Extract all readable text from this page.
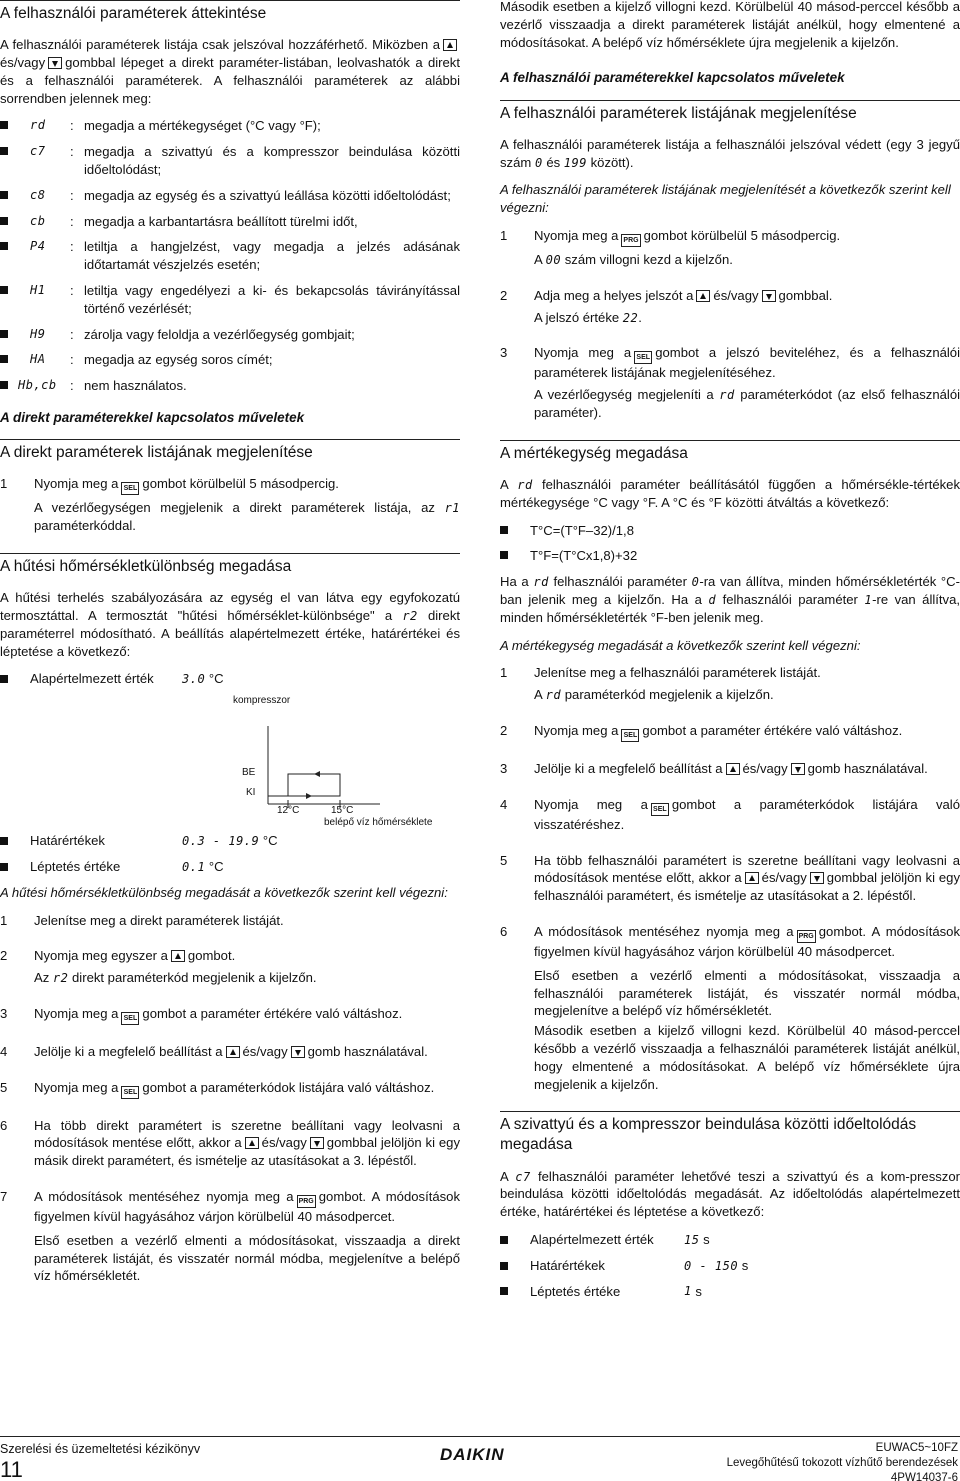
A felhasználói paraméterek áttekintése

A felhasználói paraméterek listája csak jelszóval hozzáférhető. Miközben aés/vagy gombbal lépeget a direkt paraméter-listában, leolvashatók a direkt és a felhasználói paraméterek. A felhasználói paraméterek az alábbi sorrendben jelennek meg:

rd	: megadja a mértékegységet (°C vagy °F);
c7	: megadja a szivattyú és a kompresszor beindulása közötti időeltolódást;
c8	: megadja az egység és a szivattyú leállása közötti időeltolódást;
cb	: megadja a karbantartásra beállított türelmi időt,
P4	: letiltja a hangjelzést, vagy megadja a jelzés adásának időtartamát vészjelzés esetén;
H1	: letiltja vagy engedélyezi a ki- és bekapcsolás távirányítással történő vezérlését;
H9	: zárolja vagy feloldja a vezérlőegység gombjait;
HA	: megadja az egység soros címét;
Hb,cb	: nem használatos.
A direkt paraméterekkel kapcsolatos műveletek
A direkt paraméterek listájának megjelenítése
1	Nyomja meg a SEL gombot körülbelül 5 másodpercig.

A vezérlőegységen megjelenik a direkt paraméterek listája, az r1 paraméterkóddal.

A hűtési hőmérsékletkülönbség megadása

A hűtési terhelés szabályozására az egység el van látva egy egyfokozatú termosztáttal. A termosztát "hűtési hőmérséklet-különbsége" a r2 direkt paraméterrel módosítható. A beállítás alapértelmezett értéke, határértékei és léptetése a következő:

Alapértelmezett érték	3.0
°C
kompresszor
BE
KI
12°C	15°C
belépő víz hőmérséklete
Határértékek	0.3 - 19.9
°C
Léptetés értéke	0.1
°C

A hűtési hőmérsékletkülönbség megadását a következők szerint kell végezni:

1	Jelenítse meg a direkt paraméterek listáját.

2	Nyomja meg egyszer a gombot.

Az r2 direkt paraméterkód megjelenik a kijelzőn.

3	Nyomja meg a SEL gombot a paraméter értékére való váltáshoz.

4	Jelölje ki a megfelelő beállítást a és/vagy gomb használatával.

5	Nyomja meg a SEL gombot a paraméterkódok listájára való váltáshoz.

6	Ha több direkt paramétert is szeretne beállítani vagy leolvasni a módosítások mentése előtt, akkor a és/vagy gombbal jelöljön ki egy másik direkt paramétert, és ismételje az utasításokat a 3. lépéstől.

7	A módosítások mentéséhez nyomja meg a PRG gombot. A módosítások figyelmen kívül hagyásához várjon körülbelül 40 másodpercet.

Első esetben a vezérlő elmenti a módosításokat, visszaadja a direkt paraméterek listáját, és visszatér normál módba, megjelenítve a belépő víz hőmérsékletét.

Második esetben a kijelző villogni kezd. Körülbelül 40 másod-perccel később a vezérlő visszaadja a direkt paraméterek listáját anélkül, hogy elmentené a módosításokat. A belépő víz hőmérséklete újra megjelenik a kijelzőn.

A felhasználói paraméterekkel kapcsolatos műveletek
A felhasználói paraméterek listájának megjelenítése

A felhasználói paraméterek listája a felhasználói jelszóval védett (egy 3 jegyű szám 0 és 199 között).

A felhasználói paraméterek listájának megjelenítését a következők szerint kell végezni:

1	Nyomja meg a PRG gombot körülbelül 5 másodpercig.

A 00 szám villogni kezd a kijelzőn.

2	Adja meg a helyes jelszót a és/vagy gombbal.

A jelszó értéke 22.

3	Nyomja meg a SEL gombot a jelszó beviteléhez, és a felhasználói paraméterek listájának megjelenítéséhez.

A vezérlőegység megjeleníti a rd paraméterkódot (az első felhasználói paraméter).

A mértékegység megadása

A rd felhasználói paraméter beállításától függően a hőmérsékle-tértékek mértékegysége °C vagy °F. A °C és °F közötti átváltás a következő:

T°C=(T°F–32)/1,8
T°F=(T°Cx1,8)+32

Ha a rd felhasználói paraméter 0-ra van állítva, minden hőmérsékletérték °C-ban jelenik meg a kijelzőn. Ha a d felhasználói paraméter 1-re van állítva, minden hőmérsékletérték °F-ben jelenik meg.

A mértékegység megadását a következők szerint kell végezni:

1	Jelenítse meg a felhasználói paraméterek listáját.

A rd paraméterkód megjelenik a kijelzőn.

2	Nyomja meg a SEL gombot a paraméter értékére való váltáshoz.

3	Jelölje ki a megfelelő beállítást a és/vagy gomb használatával.

4	Nyomja meg a SEL gombot a paraméterkódok listájára való visszatéréshez.

5	Ha több felhasználói paramétert is szeretne beállítani vagy leolvasni a módosítások mentése előtt, akkor a és/vagy gombbal jelöljön ki egy felhasználói paramétert, és ismételje az utasításokat a 2. lépéstől.

6	A módosítások mentéséhez nyomja meg a PRG gombot. A módosítások figyelmen kívül hagyásához várjon körülbelül 40 másodpercet.

Első esetben a vezérlő elmenti a módosításokat, visszaadja a felhasználói paraméterek listáját, és visszatér normál módba, megjelenítve a belépő víz hőmérsékletét.

Második esetben a kijelző villogni kezd. Körülbelül 40 másod-perccel később a vezérlő visszaadja a felhasználói paraméterek listáját anélkül, hogy elmentené a módosításokat. A belépő víz hőmérséklete újra megjelenik a kijelzőn.

A szivattyú és a kompresszor beindulása közötti időeltolódás megadása

A c7 felhasználói paraméter lehetővé teszi a szivattyú és a kom-presszor beindulása közötti időeltolódás megadását. Az időeltolódás alapértelmezett értéke, határértékei és léptetése a következő:

Alapértelmezett érték	15
s
Határértékek	0 - 150
s
Léptetés értéke	1
s
Szerelési és üzemeltetési kézikönyv
11
DAIKIN	EUWAC5~10FZ
Levegőhűtésű tokozott vízhűtő berendezések
4PW14037-6
